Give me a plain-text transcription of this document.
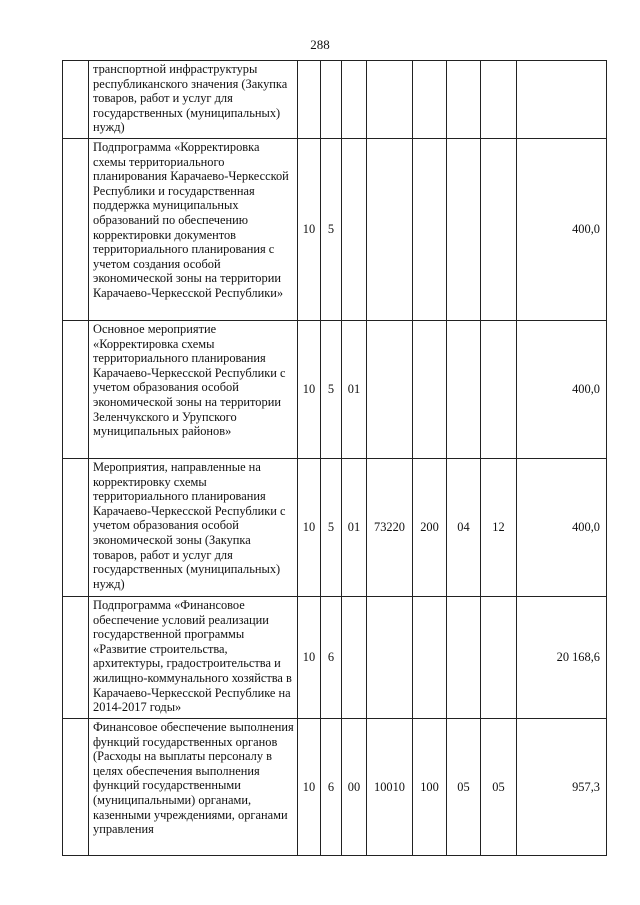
288
	транспортной инфраструктуры республиканского значения (Закупка товаров, работ и услуг для государственных (муниципальных) нужд)								
	Подпрограмма «Корректировка схемы территориального планирования Карачаево-Черкесской Республики и государственная поддержка муниципальных образований по обеспечению корректировки документов территориального планирования с учетом создания особой экономической зоны на территории Карачаево-Черкесской Республики»	10	5						400,0
	Основное мероприятие «Корректировка схемы территориального планирования Карачаево-Черкесской Республики с учетом образования особой экономической зоны на территории Зеленчукского и Урупского муниципальных районов»	10	5	01					400,0
	Мероприятия, направленные на корректировку схемы территориального планирования Карачаево-Черкесской Республики с учетом образования особой экономической зоны (Закупка товаров, работ и услуг для государственных (муниципальных) нужд)	10	5	01	73220	200	04	12	400,0
	Подпрограмма «Финансовое обеспечение условий реализации государственной программы «Развитие строительства, архитектуры, градостроительства и жилищно-коммунального хозяйства в Карачаево-Черкесской Республике на 2014-2017 годы»	10	6						20 168,6
	Финансовое обеспечение выполнения функций государственных органов (Расходы на выплаты персоналу в целях обеспечения выполнения функций государственными (муниципальными) органами, казенными учреждениями, органами управления	10	6	00	10010	100	05	05	957,3
